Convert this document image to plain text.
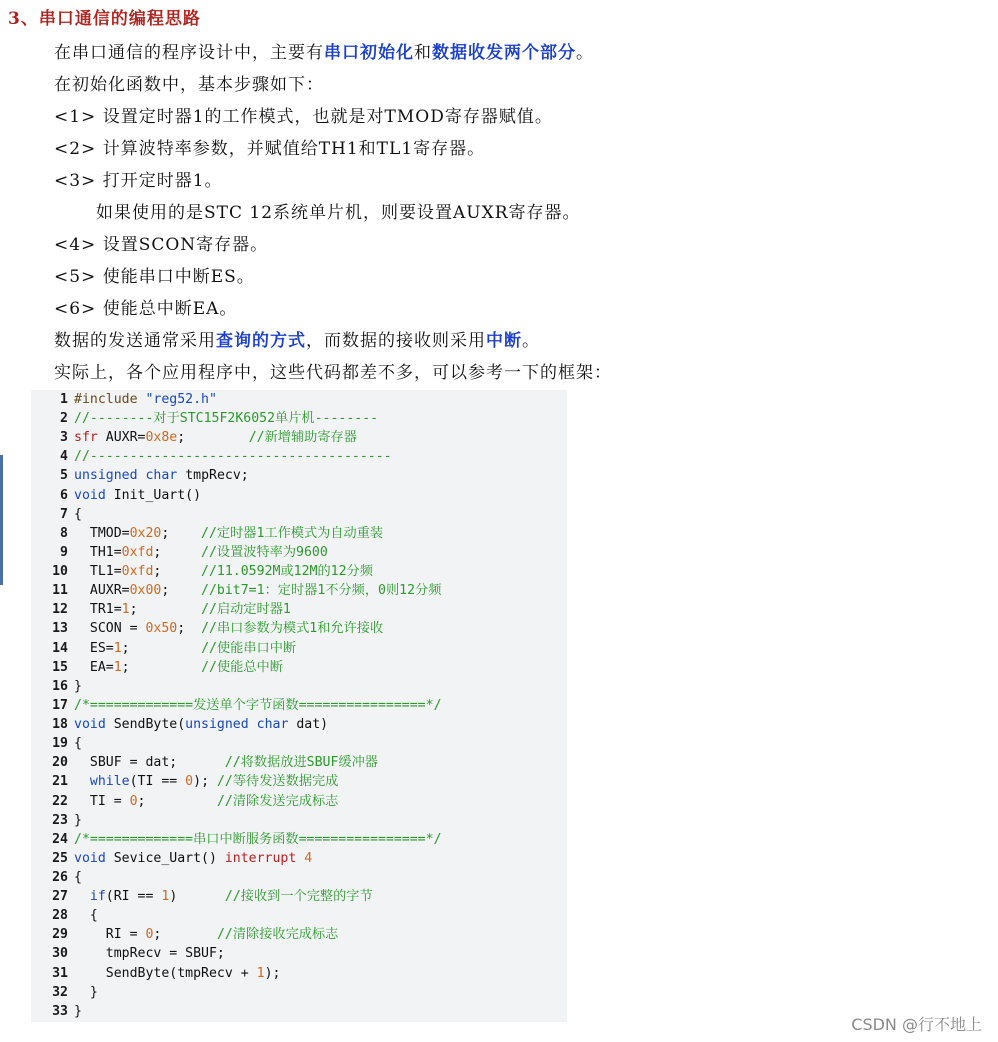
3、串口通信的编程思路
在串口通信的程序设计中，主要有串口初始化和数据收发两个部分。
在初始化函数中，基本步骤如下：
<1> 设置定时器1的工作模式，也就是对TMOD寄存器赋值。
<2> 计算波特率参数，并赋值给TH1和TL1寄存器。
<3> 打开定时器1。
如果使用的是STC 12系统单片机，则要设置AUXR寄存器。
<4> 设置SCON寄存器。
<5> 使能串口中断ES。
<6> 使能总中断EA。
数据的发送通常采用查询的方式，而数据的接收则采用中断。
实际上，各个应用程序中，这些代码都差不多，可以参考一下的框架：
1 #include "reg52.h"
2 //--------对于STC15F2K6052单片机--------
3 sfr AUXR=0x8e;        //新增辅助寄存器
4 //--------------------------------------
5 unsigned char tmpRecv;
6 void Init_Uart()
7 {
8 TMOD=0x20;    //定时器1工作模式为自动重装
9 TH1=0xfd;     //设置波特率为9600
10 TL1=0xfd;     //11.0592M或12M的12分频
11 AUXR=0x00;    //bit7=1：定时器1不分频，0则12分频
12 TR1=1;        //启动定时器1
13 SCON = 0x50;  //串口参数为模式1和允许接收
14 ES=1;         //使能串口中断
15 EA=1;         //使能总中断
16 }
17 /*=============发送单个字节函数================*/
18 void SendByte(unsigned char dat)
19 {
20 SBUF = dat;      //将数据放进SBUF缓冲器
21	while(TI == 0); //等待发送数据完成
22 TI = 0;         //清除发送完成标志
23 }
24 /*=============串口中断服务函数================*/
25 void Sevice_Uart() interrupt 4
26 {
27	if(RI == 1)      //接收到一个完整的字节
28 {
29 RI = 0;       //清除接收完成标志
30 tmpRecv = SBUF;
31 SendByte(tmpRecv + 1);
32 }
33 }
CSDN @行不地上
